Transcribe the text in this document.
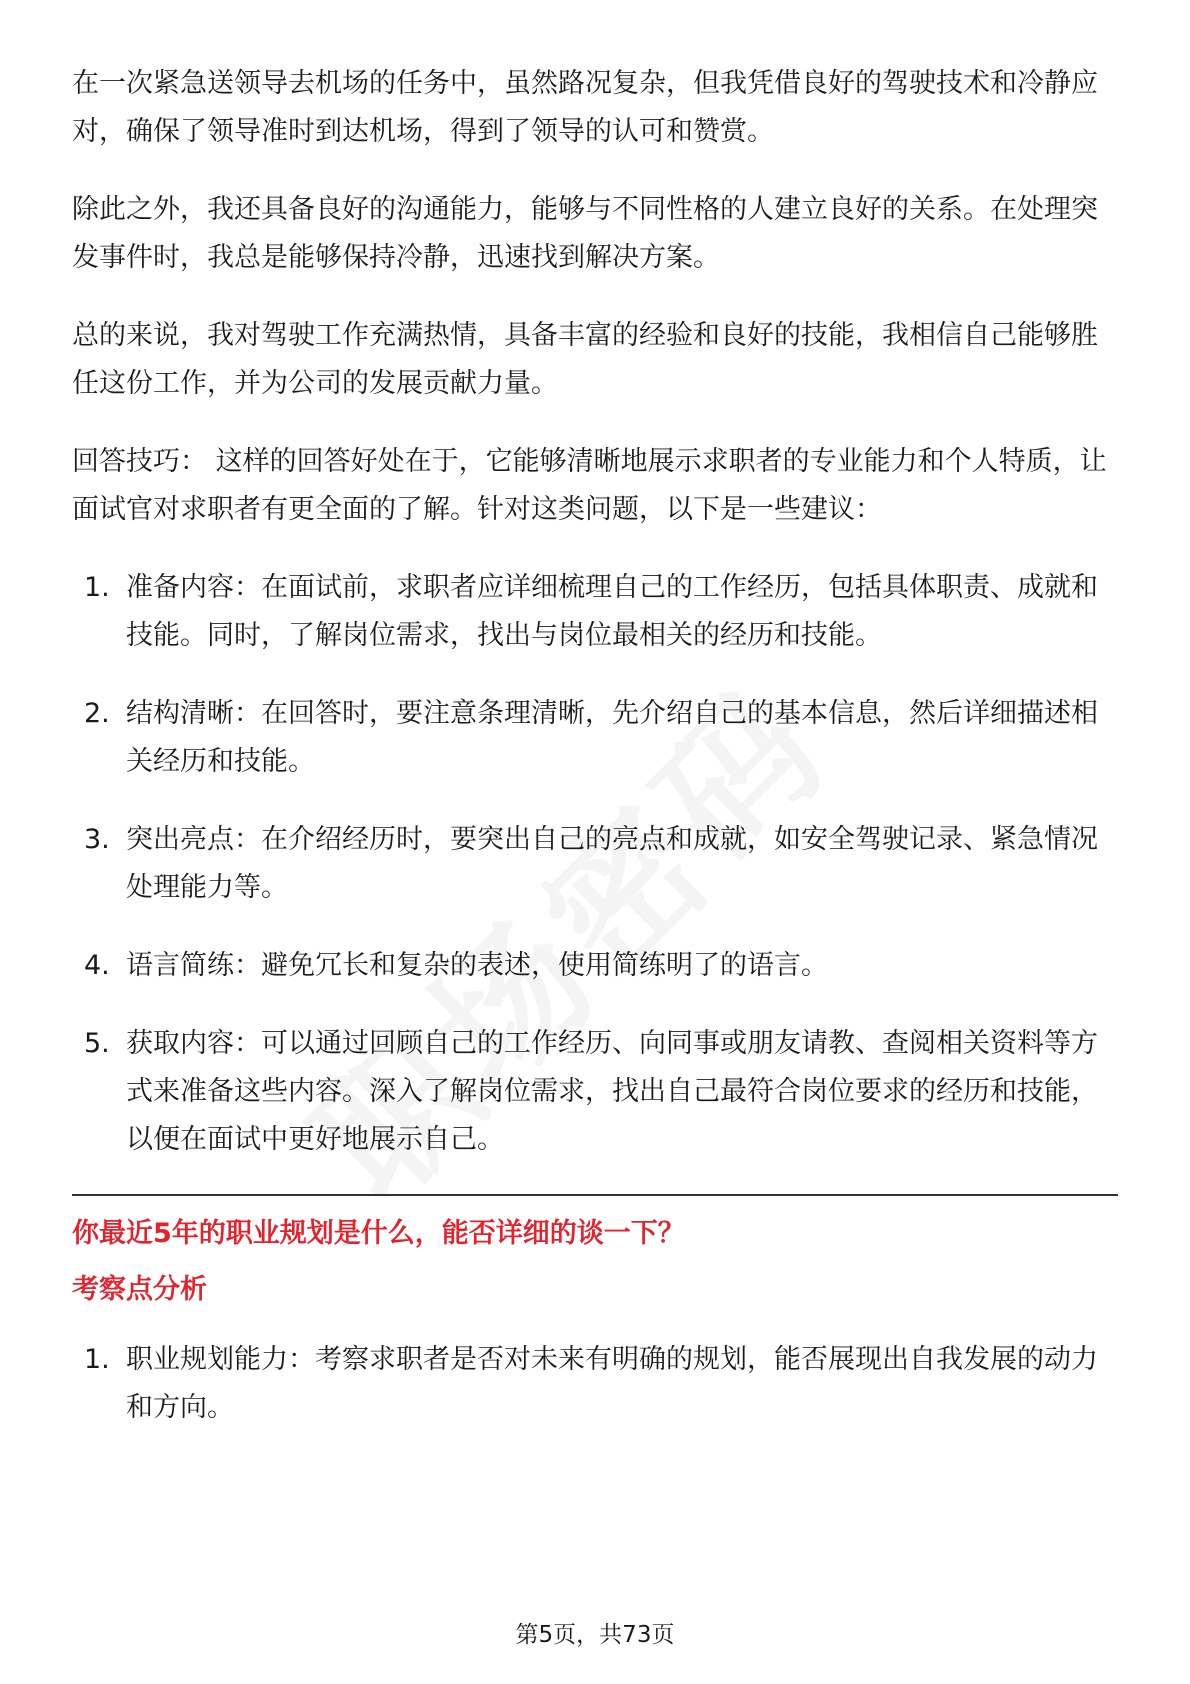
在一次紧急送领导去机场的任务中，虽然路况复杂，但我凭借良好的驾驶技术和冷静应对，确保了领导准时到达机场，得到了领导的认可和赞赏。

除此之外，我还具备良好的沟通能力，能够与不同性格的人建立良好的关系。在处理突发事件时，我总是能够保持冷静，迅速找到解决方案。

总的来说，我对驾驶工作充满热情，具备丰富的经验和良好的技能，我相信自己能够胜任这份工作，并为公司的发展贡献力量。

回答技巧： 这样的回答好处在于，它能够清晰地展示求职者的专业能力和个人特质，让面试官对求职者有更全面的了解。针对这类问题，以下是一些建议：

1. 准备内容：在面试前，求职者应详细梳理自己的工作经历，包括具体职责、成就和技能。同时，了解岗位需求，找出与岗位最相关的经历和技能。
2. 结构清晰：在回答时，要注意条理清晰，先介绍自己的基本信息，然后详细描述相关经历和技能。
3. 突出亮点：在介绍经历时，要突出自己的亮点和成就，如安全驾驶记录、紧急情况处理能力等。
4. 语言简练：避免冗长和复杂的表述，使用简练明了的语言。
5. 获取内容：可以通过回顾自己的工作经历、向同事或朋友请教、查阅相关资料等方式来准备这些内容。深入了解岗位需求，找出自己最符合岗位要求的经历和技能，以便在面试中更好地展示自己。
你最近5年的职业规划是什么，能否详细的谈一下？
考察点分析
1. 职业规划能力：考察求职者是否对未来有明确的规划，能否展现出自我发展的动力和方向。
第5页，共73页
